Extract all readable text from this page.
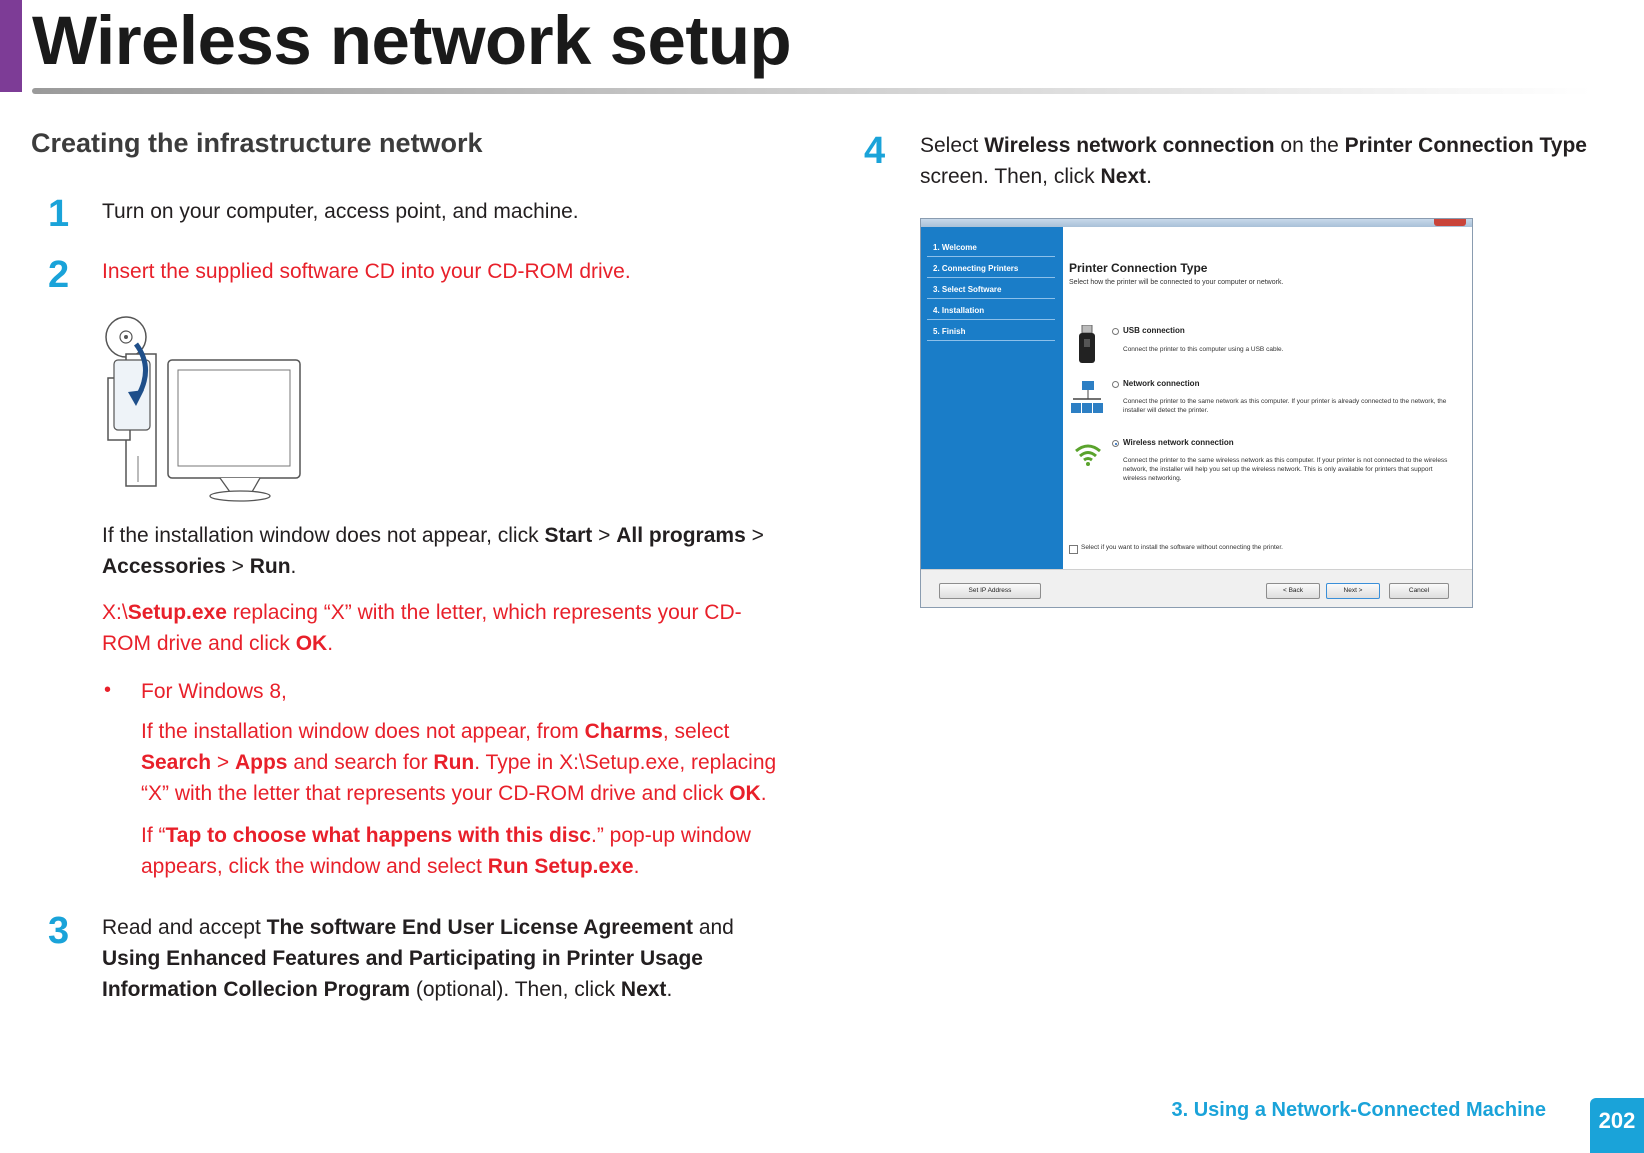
Wireless network setup
Creating the infrastructure network
1 Turn on your computer, access point, and machine.
2 Insert the supplied software CD into your CD-ROM drive.
If the installation window does not appear, click Start > All programs >
Accessories > Run.
X:\Setup.exe replacing “X” with the letter, which represents your CD-
ROM drive and click OK.
• For Windows 8,
If the installation window does not appear, from Charms, select
Search > Apps and search for Run. Type in X:\Setup.exe, replacing
“X” with the letter that represents your CD-ROM drive and click OK.
If “Tap to choose what happens with this disc.” pop-up window
appears, click the window and select Run Setup.exe.
3 Read and accept The software End User License Agreement and
Using Enhanced Features and Participating in Printer Usage
Information Collecion Program (optional). Then, click Next.
4 Select Wireless network connection on the Printer Connection Type
screen. Then, click Next.
1. Welcome
2. Connecting Printers
3. Select Software
4. Installation
5. Finish
Printer Connection Type
Select how the printer will be connected to your computer or network.
USB connection
Connect the printer to this computer using a USB cable.
Network connection
Connect the printer to the same network as this computer. If your printer is already connected to the network, the installer will detect the printer.
Wireless network connection
Connect the printer to the same wireless network as this computer. If your printer is not connected to the wireless network, the installer will help you set up the wireless network. This is only available for printers that support wireless networking.
Select if you want to install the software without connecting the printer.
Set IP Address	< Back	Next >	Cancel
3. Using a Network-Connected Machine	202
